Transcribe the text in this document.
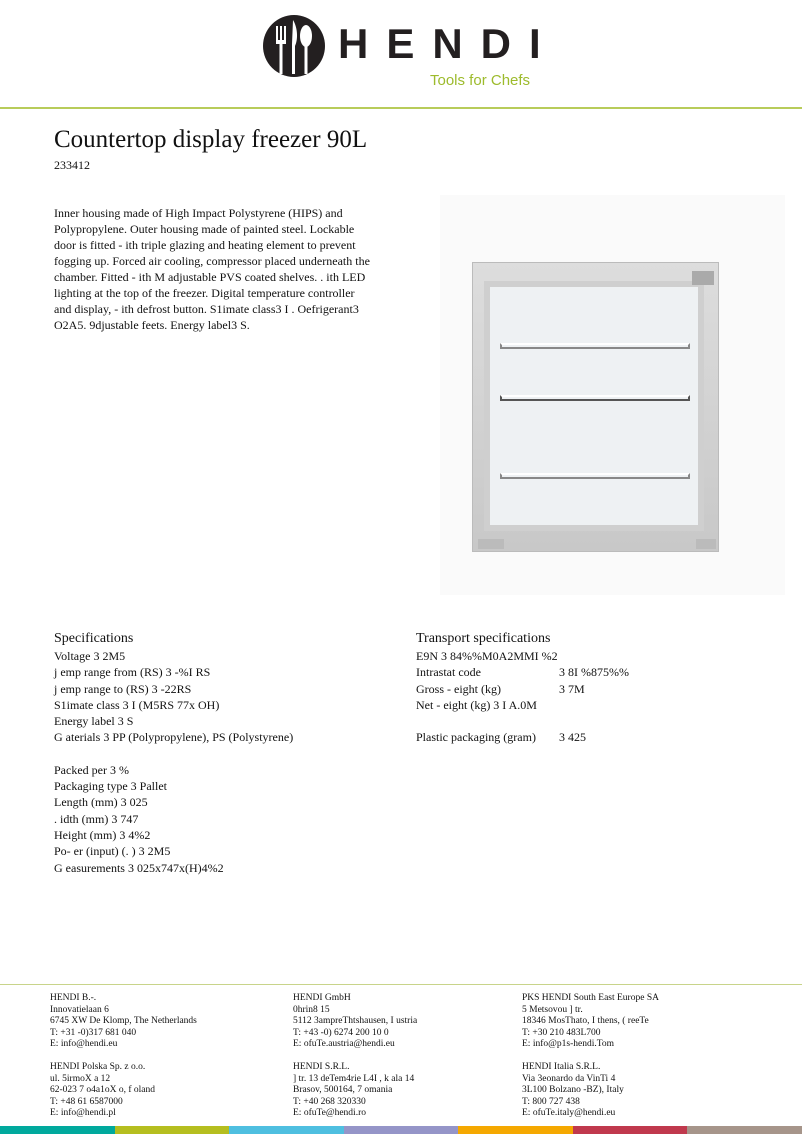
HENDI
Tools for Chefs
Countertop display freezer 90L
233412
Inner housing made of High Impact Polystyrene (HIPS) and Polypropylene. Outer housing made of painted steel. Lockable door is fitted - ith triple glazing and heating element to prevent fogging up. Forced air cooling, compressor placed underneath the chamber. Fitted - ith M adjustable PVS coated shelves. . ith LED lighting at the top of the freezer. Digital temperature controller and display, - ith defrost button. S1imate class3 I . Oefrigerant3 O2A5. 9djustable feets. Energy label3 S.
Specifications
Voltage 3 2M5
j emp range from (RS) 3 -%I RS
j emp range to (RS) 3 -22RS
S1imate class 3 I (M5RS 77x OH)
Energy label 3 S
G aterials 3 PP (Polypropylene), PS (Polystyrene)
Packed per 3 %
Packaging type 3 Pallet
Length (mm) 3 025
. idth (mm) 3 747
Height (mm) 3 4%2
Po- er (input) (. ) 3 2M5
G easurements 3 025x747x(H)4%2
Transport specifications
E9N 3 84%%M0A2MMI %2
Intrastat code	3 8I %875%%
Gross - eight (kg)	3 7M
Net - eight (kg) 3 I A.0M
Plastic packaging (gram)	3 425

HENDI B.-.
Innovatielaan 6
6745 XW De Klomp, The Netherlands
T: +31 -0)317 681 040
E: info@hendi.eu

HENDI Polska Sp. z o.o.
ul. 5irmoX a 12
62-023 7 o4a1oX o, f oland
T: +48 61 6587000
E: info@hendi.pl

HENDI GmbH
0hrin8 15
5112 3ampreThtshausen, I ustria
T: +43 -0) 6274 200 10 0
E: ofuTe.austria@hendi.eu

HENDI S.R.L.
] tr. 13 deTem4rie L4I , k ala 14
Brasov, 500164, 7 omania
T: +40 268 320330
E: ofuTe@hendi.ro

PKS HENDI South East Europe SA
5 Metsovou ] tr.
18346 MosThato, I thens, ( reeTe
T: +30 210 483L700
E: info@p1s-hendi.Tom

HENDI Italia S.R.L.
Via 3eonardo da VinTi 4
3L100 Bolzano -BZ), Italy
T: 800 727 438
E: ofuTe.italy@hendi.eu
